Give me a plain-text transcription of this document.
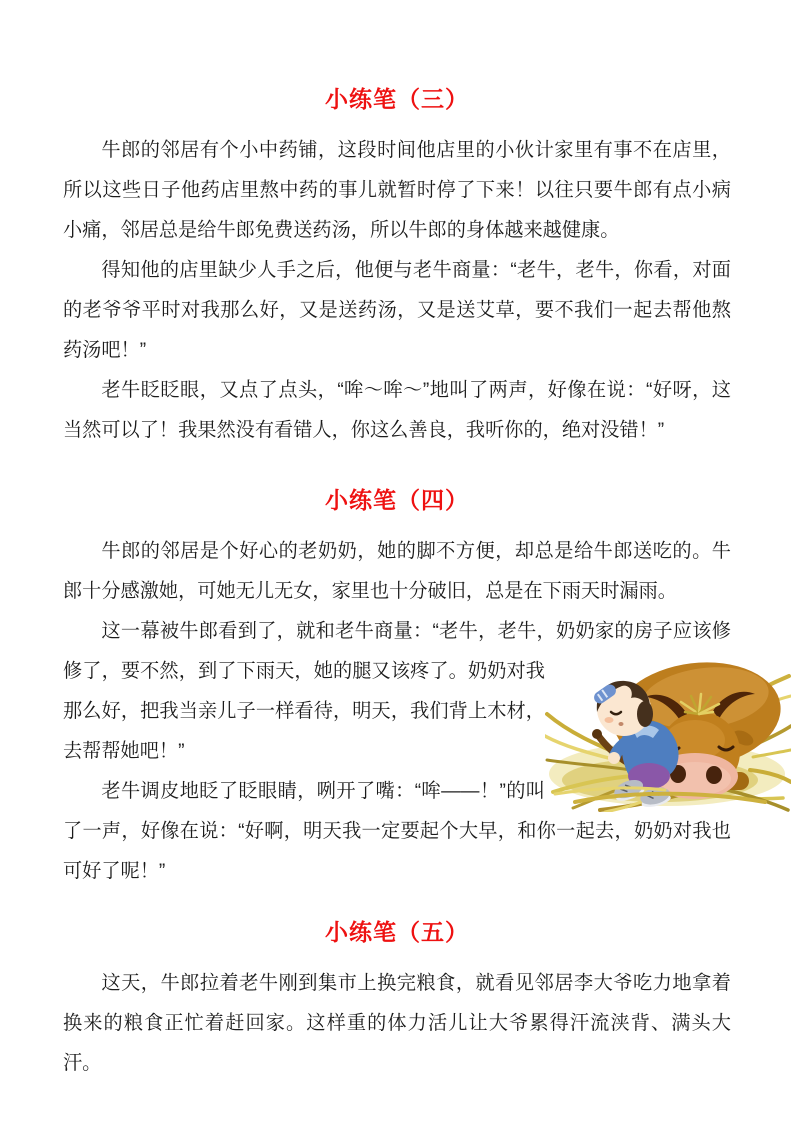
小练笔（三）

牛郎的邻居有个小中药铺，这段时间他店里的小伙计家里有事不在店里，所以这些日子他药店里熬中药的事儿就暂时停了下来！以往只要牛郎有点小病小痛，邻居总是给牛郎免费送药汤，所以牛郎的身体越来越健康。

得知他的店里缺少人手之后，他便与老牛商量：“老牛，老牛，你看，对面的老爷爷平时对我那么好，又是送药汤，又是送艾草，要不我们一起去帮他熬药汤吧！”

老牛眨眨眼，又点了点头，“哞～哞～”地叫了两声，好像在说：“好呀，这当然可以了！我果然没有看错人，你这么善良，我听你的，绝对没错！”

小练笔（四）

牛郎的邻居是个好心的老奶奶，她的脚不方便，却总是给牛郎送吃的。牛郎十分感激她，可她无儿无女，家里也十分破旧，总是在下雨天时漏雨。

这一幕被牛郎看到了，就和老牛商量：“老牛，老牛，奶奶家的房子应该修修了，要不然，到了下雨天，她的腿又该疼了。奶奶对我那么好，把我当亲儿子一样看待，明天，我们背上木材，去帮帮她吧！”

老牛调皮地眨了眨眼睛，咧开了嘴：“哞——！”的叫了一声，好像在说：“好啊，明天我一定要起个大早，和你一起去，奶奶对我也可好了呢！”

小练笔（五）

这天，牛郎拉着老牛刚到集市上换完粮食，就看见邻居李大爷吃力地拿着换来的粮食正忙着赶回家。这样重的体力活儿让大爷累得汗流浃背、满头大汗。
